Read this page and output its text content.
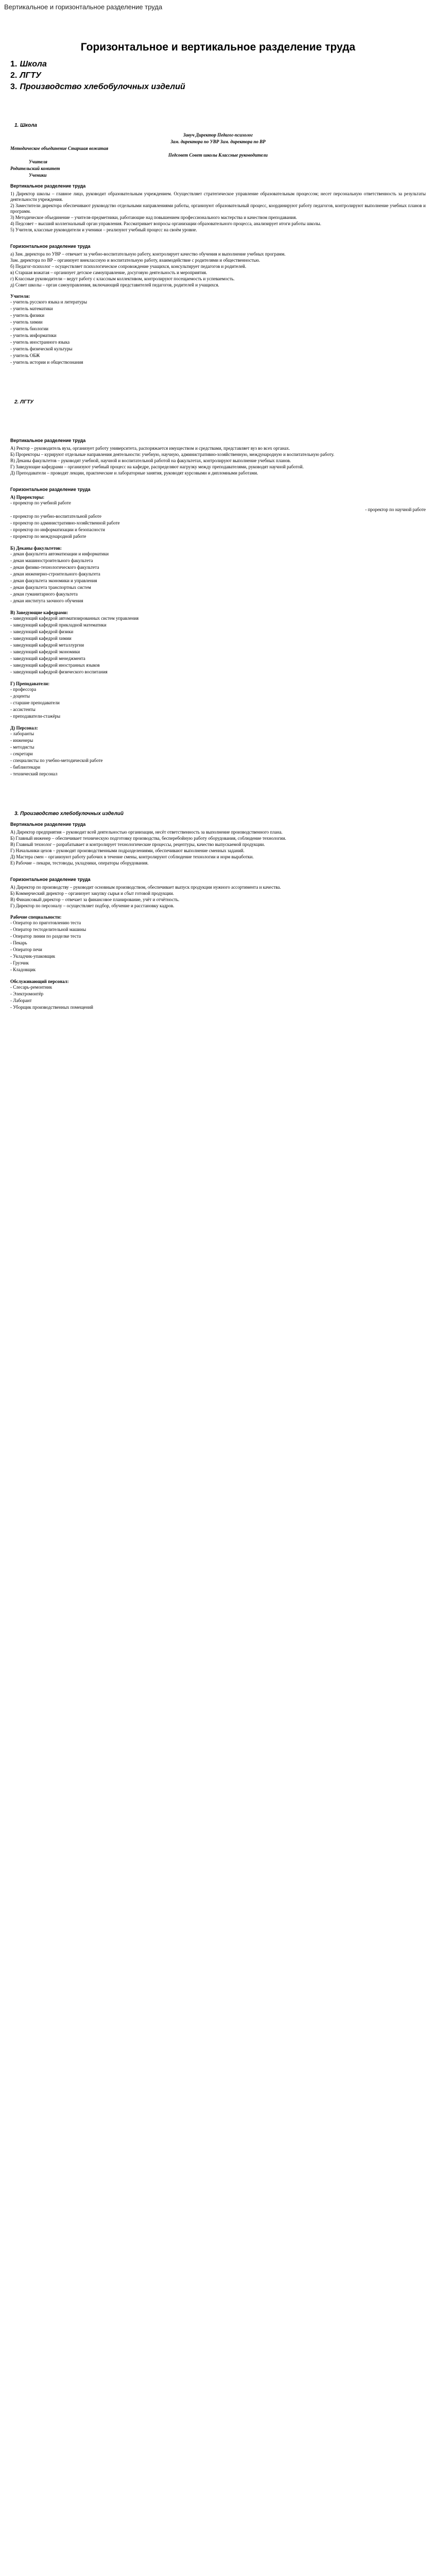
Вертикальное и горизонтальное разделение труда
Горизонтальное и вертикальное разделение труда
1. Школа
2. ЛГТУ
3. Производство хлебобулочных изделий
1. Школа
Завуч Директор Педагог-психолог
Зам. директора по УВР Зам. директора по ВР
Методическое объединение Старшая вожатая
Педсовет Совет школы Классные руководители
Учителя
Родительский комитет
Ученики
Вертикальное разделение труда

1) Директор школы – главное лицо, руководит образовательным учреждением. Осуществляет стратегическое управление образовательным процессом; несет персональную ответственность за результаты деятельности учреждения.

2) Заместители директора обеспечивают руководство отдельными направлениями работы, организуют образовательный процесс, координируют работу педагогов, контролируют выполнение учебных планов и программ.

3) Методическое объединение – учителя-предметники, работающие над повышением профессионального мастерства и качеством преподавания.

4) Педсовет – высший коллегиальный орган управления. Рассматривает вопросы организации образовательного процесса, анализирует итоги работы школы.

5) Учителя, классные руководители и ученики – реализуют учебный процесс на своём уровне.

Горизонтальное разделение труда

а) Зам. директора по УВР – отвечает за учебно-воспитательную работу, контролирует качество обучения и выполнение учебных программ.

Зам. директора по ВР – организует внеклассную и воспитательную работу, взаимодействие с родителями и общественностью.

б) Педагог-психолог – осуществляет психологическое сопровождение учащихся, консультирует педагогов и родителей.

в) Старшая вожатая – организует детское самоуправление, досуговую деятельность и мероприятия.

г) Классные руководители – ведут работу с классным коллективом, контролируют посещаемость и успеваемость.

д) Совет школы – орган самоуправления, включающий представителей педагогов, родителей и учащихся.

Учителя:
- учитель русского языка и литературы
- учитель математики
- учитель физики
- учитель химии
- учитель биологии
- учитель информатики
- учитель иностранного языка
- учитель физической культуры
- учитель ОБЖ
- учитель истории и обществознания
2. ЛГТУ
Вертикальное разделение труда

А) Ректор – руководитель вуза, организует работу университета, распоряжается имуществом и средствами, представляет вуз во всех органах.

Б) Проректоры – курируют отдельные направления деятельности: учебную, научную, административно-хозяйственную, международную и воспитательную работу.

В) Деканы факультетов – руководят учебной, научной и воспитательной работой на факультетах, контролируют выполнение учебных планов.

Г) Заведующие кафедрами – организуют учебный процесс на кафедре, распределяют нагрузку между преподавателями, руководят научной работой.

Д) Преподаватели – проводят лекции, практические и лабораторные занятия, руководят курсовыми и дипломными работами.

Горизонтальное разделение труда
А) Проректоры:
- проректор по учебной работе
- проректор по научной работе
- проректор по учебно-воспитательной работе
- проректор по административно-хозяйственной работе
- проректор по информатизации и безопасности
- проректор по международной работе
Б) Деканы факультетов:
- декан факультета автоматизации и информатики
- декан машиностроительного факультета
- декан физико-технологического факультета
- декан инженерно-строительного факультета
- декан факультета экономики и управления
- декан факультета транспортных систем
- декан гуманитарного факультета
- декан института заочного обучения
В) Заведующие кафедрами:
- заведующий кафедрой автоматизированных систем управления
- заведующий кафедрой прикладной математики
- заведующий кафедрой физики
- заведующий кафедрой химии
- заведующий кафедрой металлургии
- заведующий кафедрой экономики
- заведующий кафедрой менеджмента
- заведующий кафедрой иностранных языков
- заведующий кафедрой физического воспитания
Г) Преподаватели:
- профессора
- доценты
- старшие преподаватели
- ассистенты
- преподаватели-стажёры
Д) Персонал:
- лаборанты
- инженеры
- методисты
- секретари
- специалисты по учебно-методической работе
- библиотекари
- технический персонал
3. Производство хлебобулочных изделий
Вертикальное разделение труда

А) Директор предприятия – руководит всей деятельностью организации, несёт ответственность за выполнение производственного плана.

Б) Главный инженер – обеспечивает техническую подготовку производства, бесперебойную работу оборудования, соблюдение технологии.

В) Главный технолог – разрабатывает и контролирует технологические процессы, рецептуры, качество выпускаемой продукции.

Г) Начальники цехов – руководят производственными подразделениями, обеспечивают выполнение сменных заданий.

Д) Мастера смен – организуют работу рабочих в течение смены, контролируют соблюдение технологии и норм выработки.

Е) Рабочие – пекари, тестоводы, укладчики, операторы оборудования.

Горизонтальное разделение труда

А) Директор по производству – руководит основным производством, обеспечивает выпуск продукции нужного ассортимента и качества.

Б) Коммерческий директор – организует закупку сырья и сбыт готовой продукции.

В) Финансовый директор – отвечает за финансовое планирование, учёт и отчётность.

Г) Директор по персоналу – осуществляет подбор, обучение и расстановку кадров.

Рабочие специальности:
- Оператор по приготовлению теста
- Оператор тестоделительной машины
- Оператор линии по разделке теста
- Пекарь
- Оператор печи
- Укладчик-упаковщик
- Грузчик
- Кладовщик
Обслуживающий персонал:
- Слесарь-ремонтник
- Электромонтёр
- Лаборант
- Уборщик производственных помещений
